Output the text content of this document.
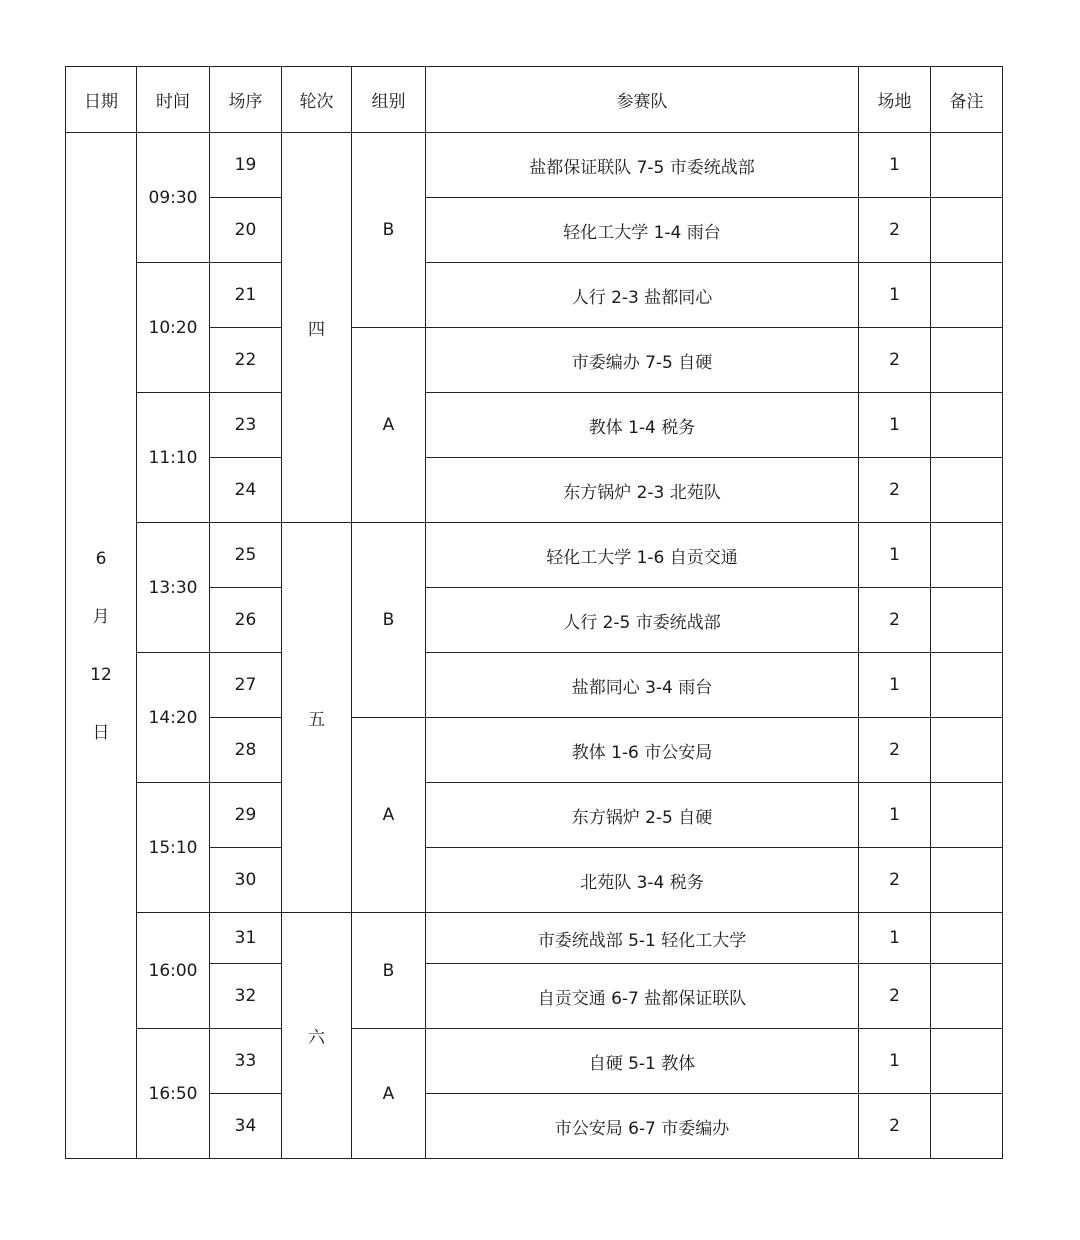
日期	时间	场序	轮次	组别	参赛队	场地	备注

6
月
12
日	09:30	19	四	B	盐都保证联队 7-5 市委统战部	1	
		20			轻化工大学 1-4 雨台	2	
	10:20	21			人行 2-3 盐都同心	1	
		22		A	市委编办 7-5 自硬	2	
	11:10	23			教体 1-4 税务	1	
		24			东方锅炉 2-3 北苑队	2	
	13:30	25	五	B	轻化工大学 1-6 自贡交通	1	
		26			人行 2-5 市委统战部	2	
	14:20	27			盐都同心 3-4 雨台	1	
		28		A	教体 1-6 市公安局	2	
	15:10	29			东方锅炉 2-5 自硬	1	
		30			北苑队 3-4 税务	2	
	16:00	31	六	B	市委统战部 5-1 轻化工大学	1	
		32			自贡交通 6-7 盐都保证联队	2	
	16:50	33		A	自硬 5-1 教体	1	
		34			市公安局 6-7 市委编办	2	
